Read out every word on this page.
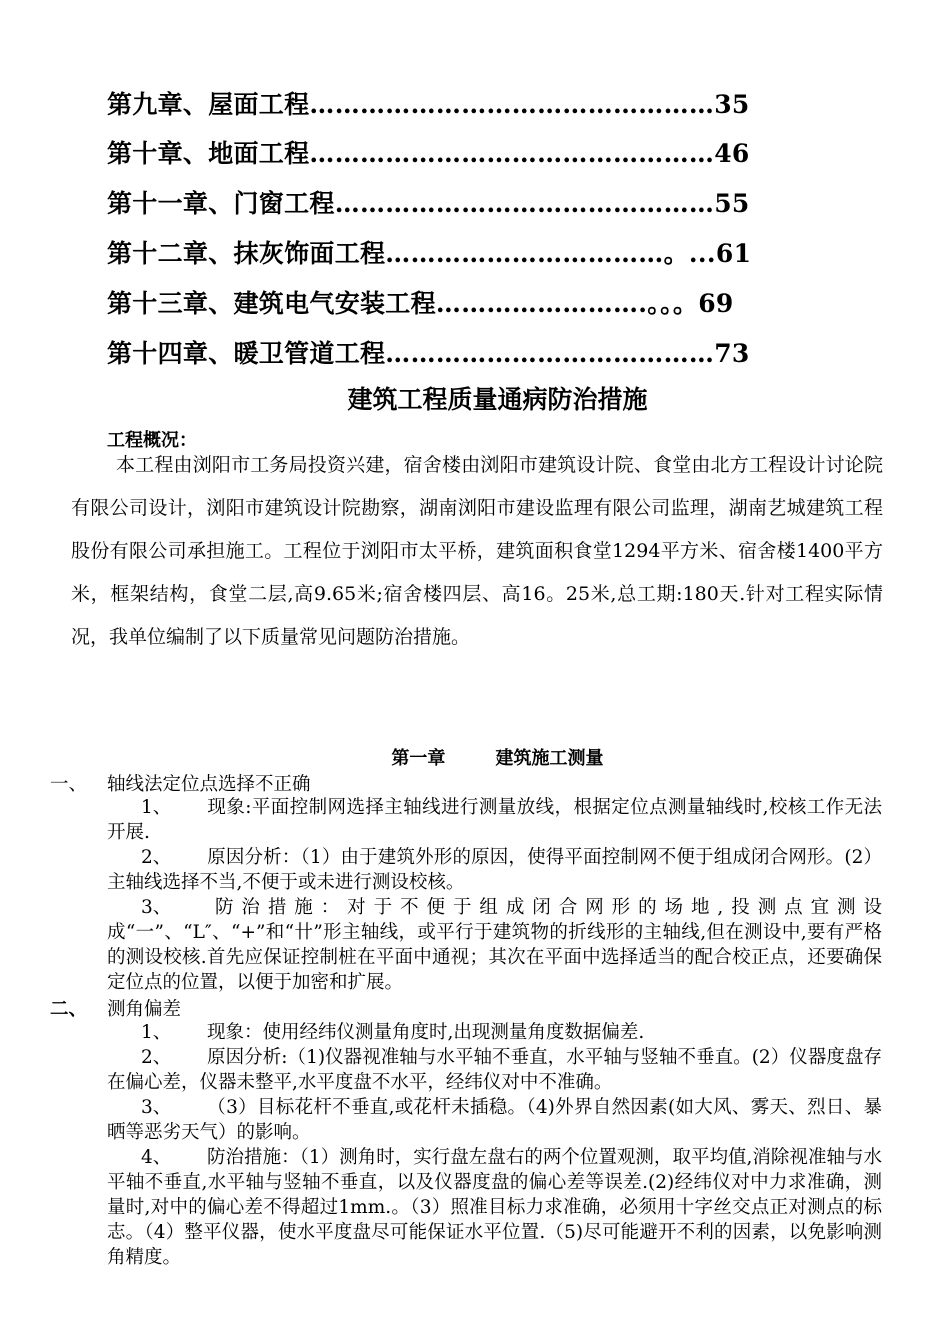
第九章、屋面工程…………………………………………35
第十章、地面工程…………………………………………46
第十一章、门窗工程………………………………………55
第十二章、抹灰饰面工程……………………………。...61
第十三章、建筑电气安装工程…………………….。。。69
第十四章、暖卫管道工程…………………………………73
建筑工程质量通病防治措施
工程概况：

本工程由浏阳市工务局投资兴建，宿舍楼由浏阳市建筑设计院、食堂由北方工程设计讨论院有限公司设计，浏阳市建筑设计院勘察，湖南浏阳市建设监理有限公司监理，湖南艺城建筑工程股份有限公司承担施工。工程位于浏阳市太平桥，建筑面积食堂1294平方米、宿舍楼1400平方米，框架结构，食堂二层,高9.65米;宿舍楼四层、高16。25米,总工期:180天.针对工程实际情况，我单位编制了以下质量常见问题防治措施。

第一章        建筑施工测量
一、 轴线法定位点选择不正确

1、 现象:平面控制网选择主轴线进行测量放线，根据定位点测量轴线时,校核工作无法开展.

2、 原因分析：（1）由于建筑外形的原因，使得平面控制网不便于组成闭合网形。(2）主轴线选择不当,不便于或未进行测设校核。

3、 防治措施：对于不便于组成闭合网形的场地,投测点宜测设成“一”、“L″、“+”和“卄”形主轴线，或平行于建筑物的折线形的主轴线,但在测设中,要有严格的测设校核.首先应保证控制桩在平面中通视；其次在平面中选择适当的配合校正点，还要确保定位点的位置，以便于加密和扩展。

二、 测角偏差

1、 现象：使用经纬仪测量角度时,出现测量角度数据偏差.

2、 原因分析:（1)仪器视准轴与水平轴不垂直，水平轴与竖轴不垂直。(2）仪器度盘存在偏心差，仪器未整平,水平度盘不水平，经纬仪对中不准确。

3、 （3）目标花杆不垂直,或花杆未插稳。（4)外界自然因素(如大风、雾天、烈日、暴晒等恶劣天气）的影响。

4、 防治措施：（1）测角时，实行盘左盘右的两个位置观测，取平均值,消除视准轴与水平轴不垂直,水平轴与竖轴不垂直，以及仪器度盘的偏心差等误差.(2)经纬仪对中力求准确，测量时,对中的偏心差不得超过1mm.。（3）照准目标力求准确，必须用十字丝交点正对测点的标志。（4）整平仪器，使水平度盘尽可能保证水平位置.（5)尽可能避开不利的因素，以免影响测角精度。
